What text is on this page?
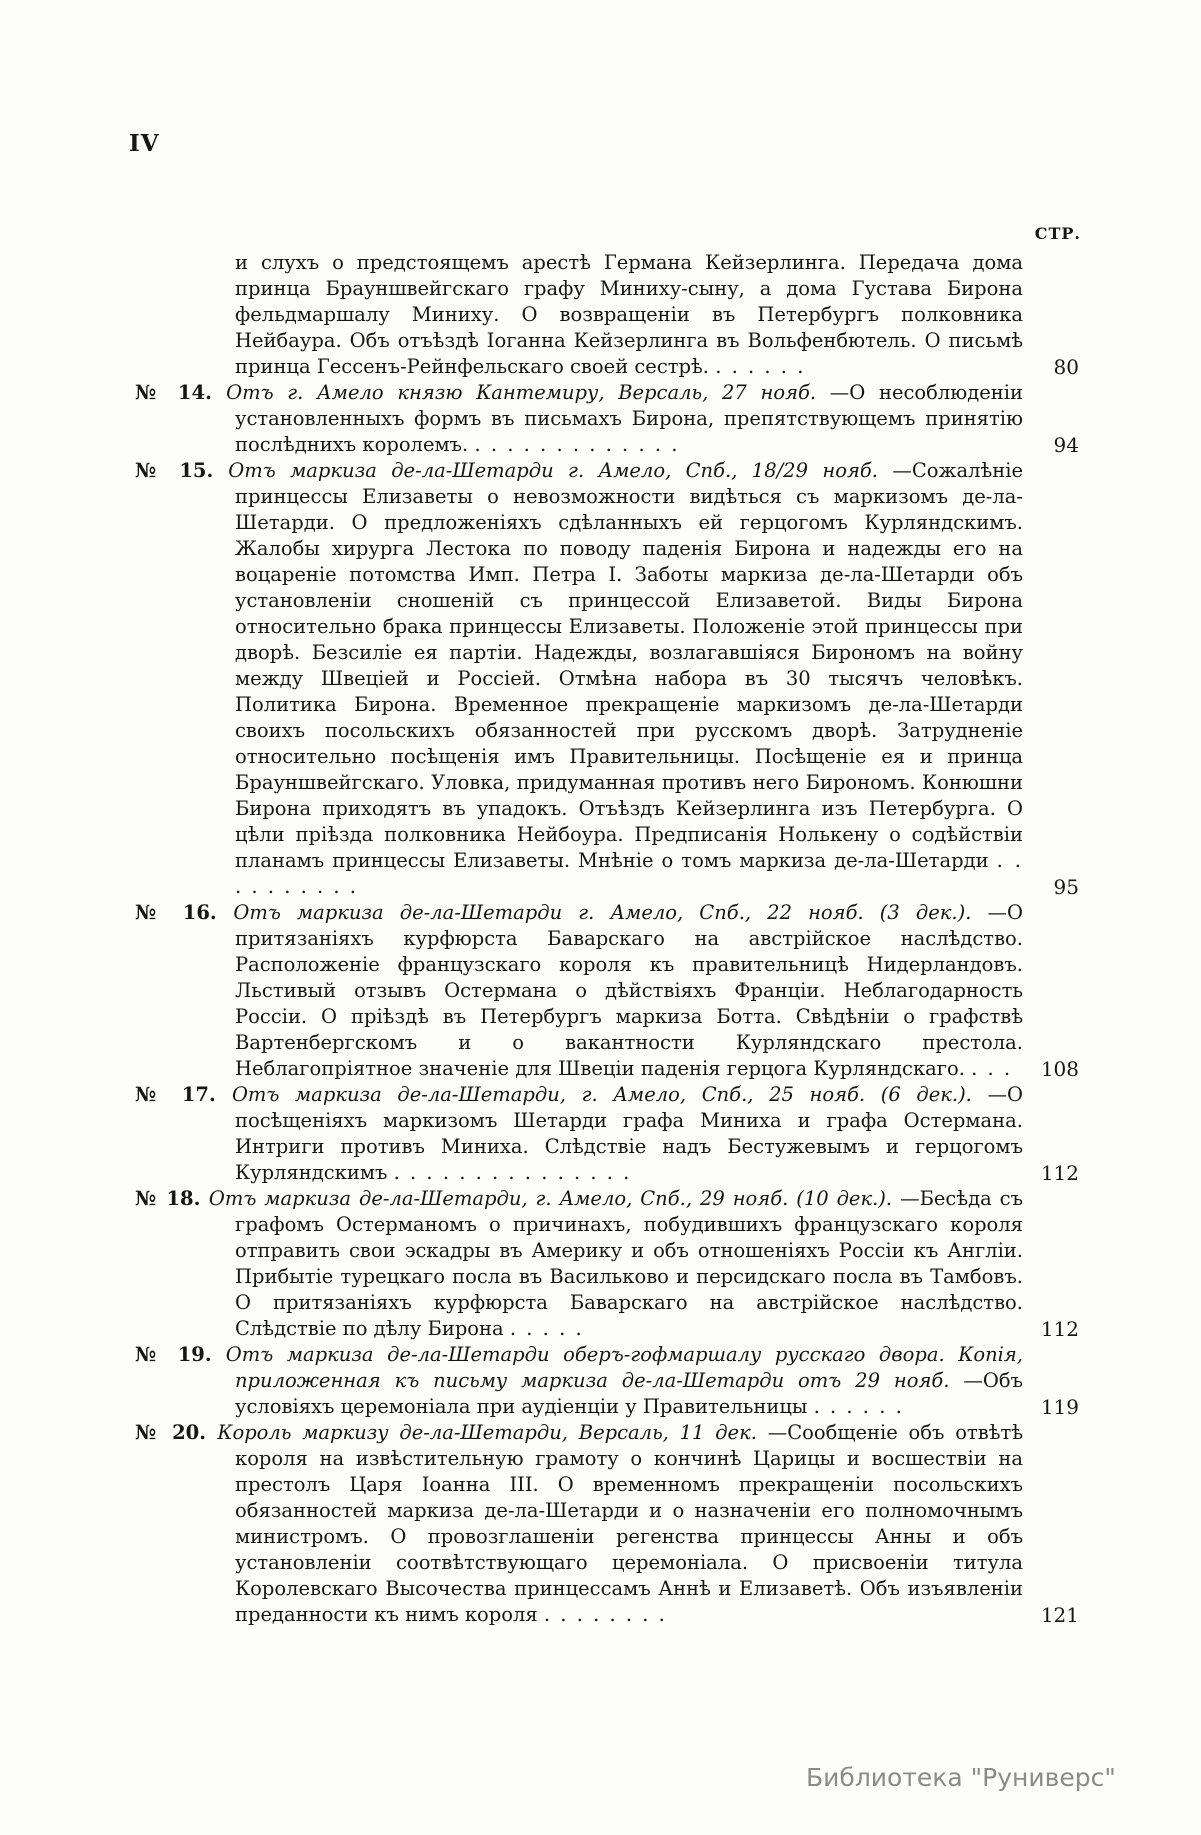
IV
СТР.

и слухъ о предстоящемъ арестѣ Германа Кейзерлинга. Передача дома принца Брауншвейгскаго графу Миниху-сыну, а дома Густава Бирона фельдмаршалу Миниху. О возвращеніи въ Петербургъ полковника Нейбаура. Объ отъѣздѣ Іоганна Кейзерлинга въ Вольфенбютель. О письмѣ принца Гессенъ-Рейнфельскаго своей сестрѣ. . . . . . .	80

№ 14. Отъ г. Амело князю Кантемиру, Версаль, 27 нояб. —О несоблюденіи установленныхъ формъ въ письмахъ Бирона, препятствующемъ принятію послѣднихъ королемъ. . . . . . . . . . . . . .	94

№ 15. Отъ маркиза де-ла-Шетарди г. Амело, Спб., 18/29 нояб. —Сожалѣніе принцессы Елизаветы о невозможности видѣться съ маркизомъ де-ла-Шетарди. О предложеніяхъ сдѣланныхъ ей герцогомъ Курляндскимъ. Жалобы хирурга Лестока по поводу паденія Бирона и надежды его на воцареніе потомства Имп. Петра I. Заботы маркиза де-ла-Шетарди объ установленіи сношеній съ принцессой Елизаветой. Виды Бирона относительно брака принцессы Елизаветы. Положеніе этой принцессы при дворѣ. Безсиліе ея партіи. Надежды, возлагавшіяся Бирономъ на войну между Швеціей и Россіей. Отмѣна набора въ 30 тысячъ человѣкъ. Политика Бирона. Временное прекращеніе маркизомъ де-ла-Шетарди своихъ посольскихъ обязанностей при русскомъ дворѣ. Затрудненіе относительно посѣщенія имъ Правительницы. Посѣщеніе ея и принца Брауншвейгскаго. Уловка, придуманная противъ него Бирономъ. Конюшни Бирона приходятъ въ упадокъ. Отъѣздъ Кейзерлинга изъ Петербурга. О цѣли пріѣзда полковника Нейбоура. Предписанія Нолькену о содѣйствіи планамъ принцессы Елизаветы. Мнѣніе о томъ маркиза де-ла-Шетарди . . . . . . . . . .	95

№ 16. Отъ маркиза де-ла-Шетарди г. Амело, Спб., 22 нояб. (3 дек.). —О притязаніяхъ курфюрста Баварскаго на австрійское наслѣдство. Расположеніе французскаго короля къ правительницѣ Нидерландовъ. Льстивый отзывъ Остермана о дѣйствіяхъ Франціи. Неблагодарность Россіи. О пріѣздѣ въ Петербургъ маркиза Ботта. Свѣдѣніи о графствѣ Вартенбергскомъ и о вакантности Курляндскаго престола. Неблагопріятное значеніе для Швеціи паденія герцога Курляндскаго. . . .	108

№ 17. Отъ маркиза де-ла-Шетарди, г. Амело, Спб., 25 нояб. (6 дек.). —О посѣщеніяхъ маркизомъ Шетарди графа Миниха и графа Остермана. Интриги противъ Миниха. Слѣдствіе надъ Бестужевымъ и герцогомъ Курляндскимъ . . . . . . . . . . . . . . .	112

№ 18. Отъ маркиза де-ла-Шетарди, г. Амело, Спб., 29 нояб. (10 дек.). —Бесѣда съ графомъ Остерманомъ о причинахъ, побудившихъ французскаго короля отправить свои эскадры въ Америку и объ отношеніяхъ Россіи къ Англіи. Прибытіе турецкаго посла въ Васильково и персидскаго посла въ Тамбовъ. О притязаніяхъ курфюрста Баварскаго на австрійское наслѣдство. Слѣдствіе по дѣлу Бирона . . . . .	112

№ 19. Отъ маркиза де-ла-Шетарди оберъ-гофмаршалу русскаго двора. Копія, приложенная къ письму маркиза де-ла-Шетарди отъ 29 нояб. —Объ условіяхъ церемоніала при аудіенціи у Правительницы . . . . . .	119

№ 20. Король маркизу де-ла-Шетарди, Версаль, 11 дек. —Сообщеніе объ отвѣтѣ короля на извѣстительную грамоту о кончинѣ Царицы и восшествіи на престолъ Царя Іоанна III. О временномъ прекращеніи посольскихъ обязанностей маркиза де-ла-Шетарди и о назначеніи его полномочнымъ министромъ. О провозглашеніи регенства принцессы Анны и объ установленіи соотвѣтствующаго церемоніала. О присвоеніи титула Королевскаго Высочества принцессамъ Аннѣ и Елизаветѣ. Объ изъявленіи преданности къ нимъ короля . . . . . . . .	121
Библиотека "Руниверс"
